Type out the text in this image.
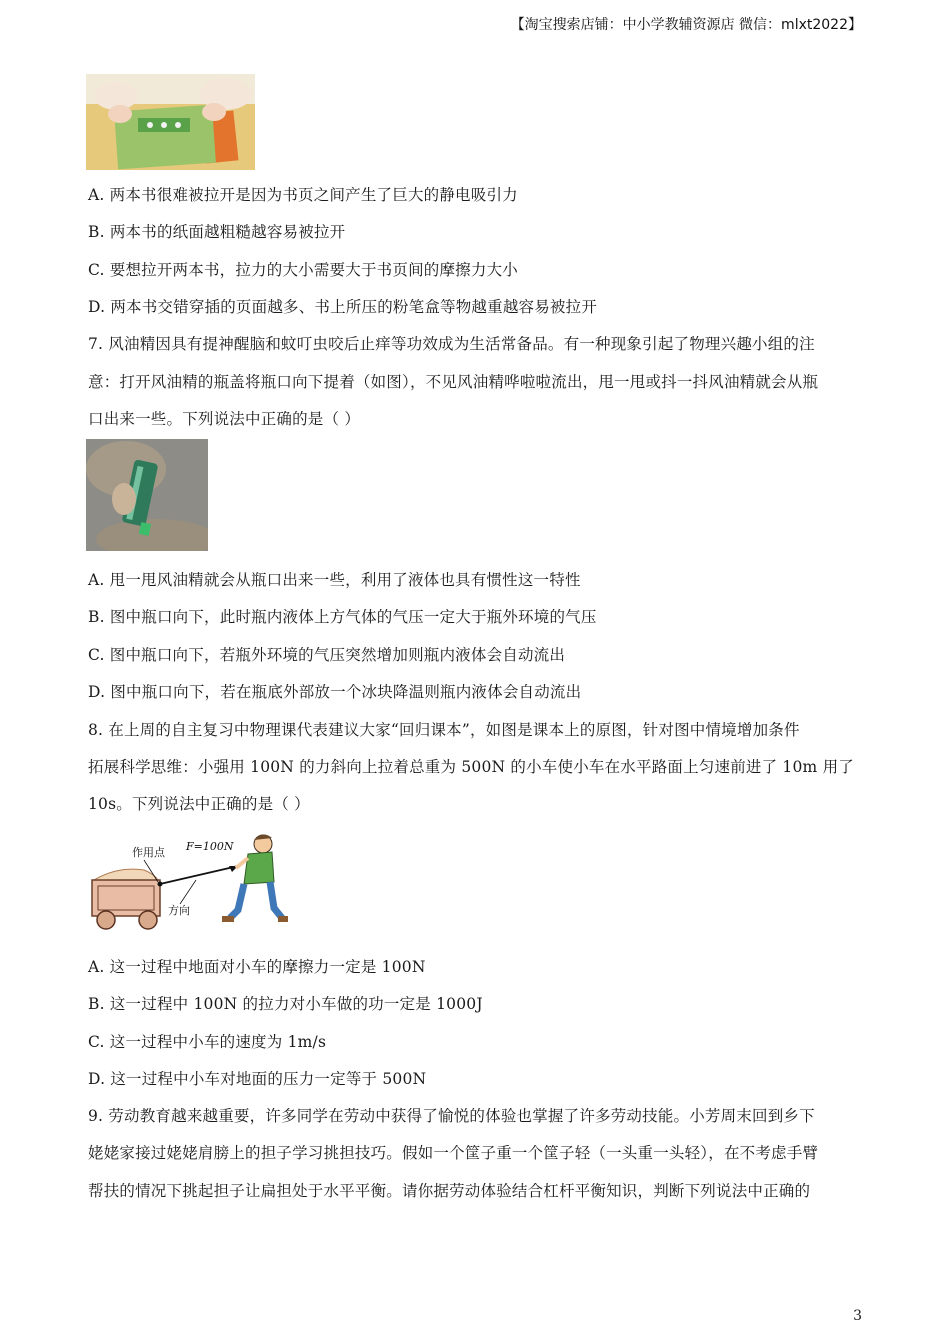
【淘宝搜索店铺：中小学教辅资源店 微信：mlxt2022】
A. 两本书很难被拉开是因为书页之间产生了巨大的静电吸引力
B. 两本书的纸面越粗糙越容易被拉开
C. 要想拉开两本书，拉力的大小需要大于书页间的摩擦力大小
D. 两本书交错穿插的页面越多、书上所压的粉笔盒等物越重越容易被拉开
7. 风油精因具有提神醒脑和蚊叮虫咬后止痒等功效成为生活常备品。有一种现象引起了物理兴趣小组的注
意：打开风油精的瓶盖将瓶口向下提着（如图），不见风油精哗啦啦流出，甩一甩或抖一抖风油精就会从瓶
口出来一些。下列说法中正确的是（ ）
A. 甩一甩风油精就会从瓶口出来一些，利用了液体也具有惯性这一特性
B. 图中瓶口向下，此时瓶内液体上方气体的气压一定大于瓶外环境的气压
C. 图中瓶口向下，若瓶外环境的气压突然增加则瓶内液体会自动流出
D. 图中瓶口向下，若在瓶底外部放一个冰块降温则瓶内液体会自动流出
8. 在上周的自主复习中物理课代表建议大家“回归课本”，如图是课本上的原图，针对图中情境增加条件
拓展科学思维：小强用 100N 的力斜向上拉着总重为 500N 的小车使小车在水平路面上匀速前进了 10m 用了
10s。下列说法中正确的是（ ）
作用点 F=100N
方向
A. 这一过程中地面对小车的摩擦力一定是 100N
B. 这一过程中 100N 的拉力对小车做的功一定是 1000J
C. 这一过程中小车的速度为 1m/s
D. 这一过程中小车对地面的压力一定等于 500N
9. 劳动教育越来越重要，许多同学在劳动中获得了愉悦的体验也掌握了许多劳动技能。小芳周末回到乡下
姥姥家接过姥姥肩膀上的担子学习挑担技巧。假如一个筐子重一个筐子轻（一头重一头轻），在不考虑手臂
帮扶的情况下挑起担子让扁担处于水平平衡。请你据劳动体验结合杠杆平衡知识，判断下列说法中正确的
3
